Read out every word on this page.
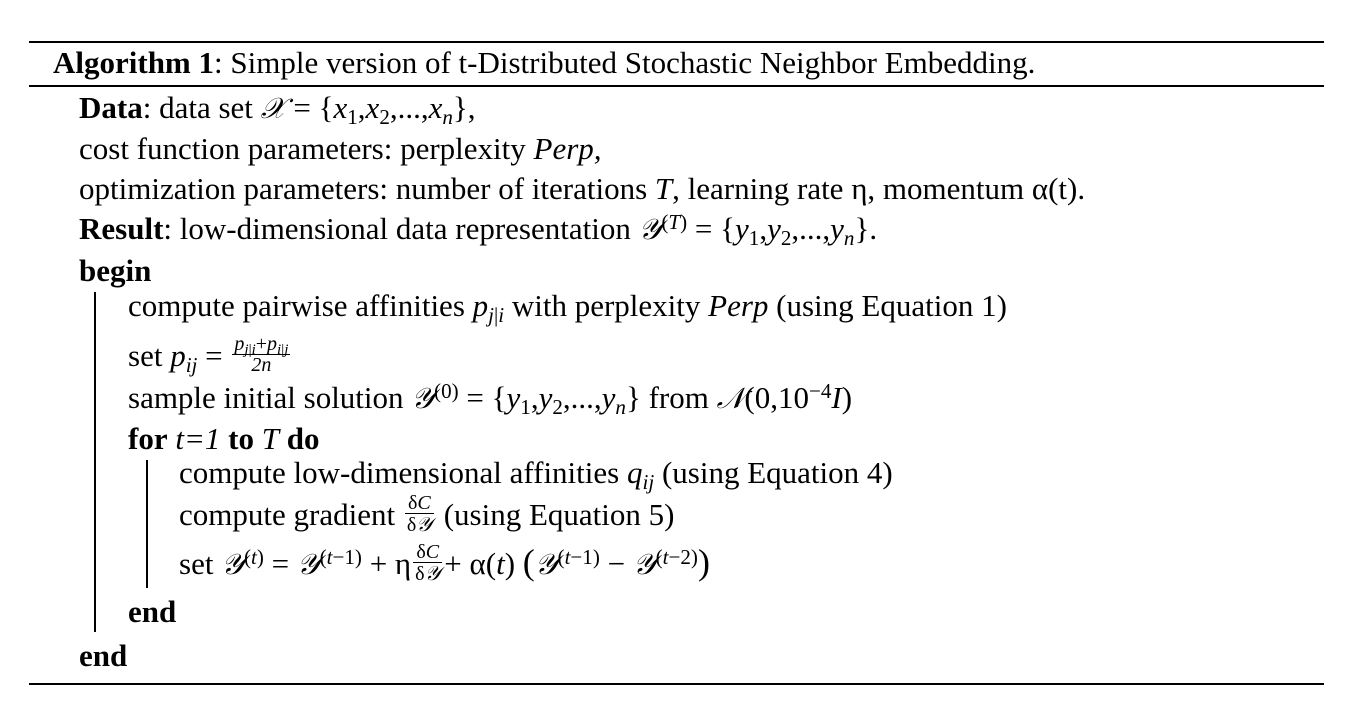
Algorithm 1: Simple version of t-Distributed Stochastic Neighbor Embedding.
Data: data set 𝒳 = $\{x_1,x_2,...,x_n\}$,
cost function parameters: perplexity Perp,
optimization parameters: number of iterations T, learning rate η, momentum α(t).
Result: low-dimensional data representation 𝒴$^{(T)}$ = $\{y_1,y_2,...,y_n\}$.
begin
compute pairwise affinities $p_{j|i}$ with perplexity Perp (using Equation 1)
set $p_{ij} = \frac{p_{j|i}+p_{i|j}}{2n}$
sample initial solution 𝒴$^{(0)}$ = $\{y_1,y_2,...,y_n\}$ from $𝒩(0,10^{-4}I)$
for t=1 to T do
compute low-dimensional affinities $q_{ij}$ (using Equation 4)
compute gradient $\frac{\delta C}{\text{δ𝒴}} (using$ Equation 5)
set 𝒴$^{(t)}$ = 𝒴$^{(t-1)}$ + η $\frac{\delta C}{\text{δ𝒴}} + \alpha(t)$ (𝒴$^{(t-1)}$ − 𝒴$^{(t-2)}$)
end
end
